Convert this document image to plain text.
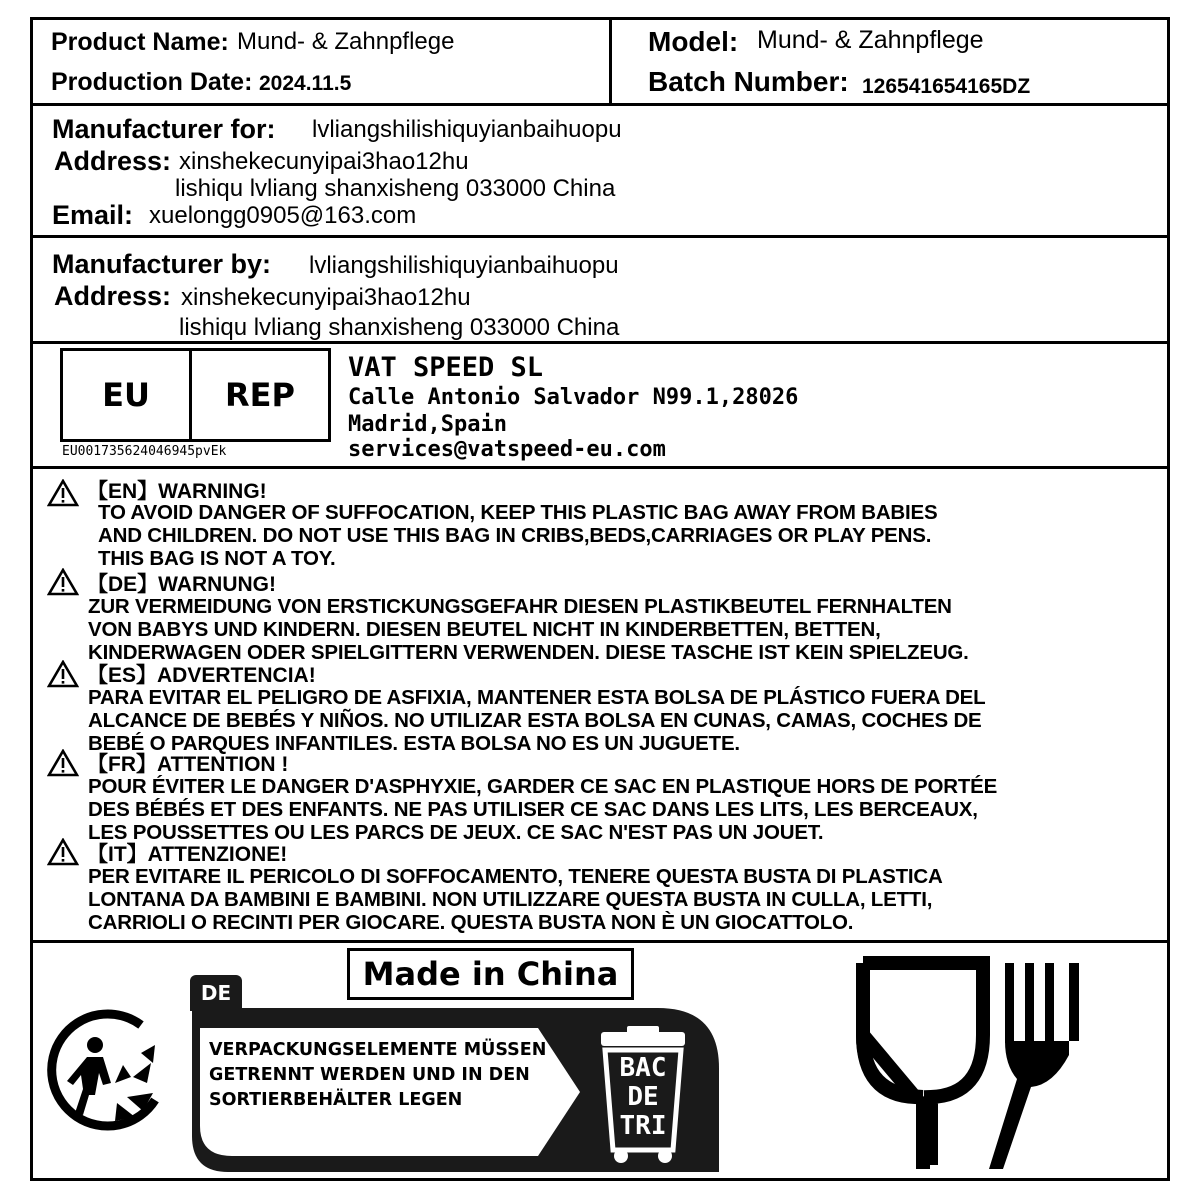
Product Name: Mund- & Zahnpflege
Production Date: 2024.11.5
Model: Mund- & Zahnpflege
Batch Number: 126541654165DZ
Manufacturer for: lvliangshilishiquyianbaihuopu
Address: xinshekecunyipai3hao12hu
lishiqu lvliang shanxisheng 033000 China
Email: xuelongg0905@163.com
Manufacturer by: lvliangshilishiquyianbaihuopu
Address: xinshekecunyipai3hao12hu
lishiqu lvliang shanxisheng 033000 China
EU REP
EU001735624046945pvEk
VAT SPEED SL
Calle Antonio Salvador N99.1,28026
Madrid,Spain
services@vatspeed-eu.com
【EN】WARNING!
TO AVOID DANGER OF SUFFOCATION, KEEP THIS PLASTIC BAG AWAY FROM BABIES
AND CHILDREN. DO NOT USE THIS BAG IN CRIBS,BEDS,CARRIAGES OR PLAY PENS.
THIS BAG IS NOT A TOY.
【DE】WARNUNG!
ZUR VERMEIDUNG VON ERSTICKUNGSGEFAHR DIESEN PLASTIKBEUTEL FERNHALTEN
VON BABYS UND KINDERN. DIESEN BEUTEL NICHT IN KINDERBETTEN, BETTEN,
KINDERWAGEN ODER SPIELGITTERN VERWENDEN. DIESE TASCHE IST KEIN SPIELZEUG.
【ES】ADVERTENCIA!
PARA EVITAR EL PELIGRO DE ASFIXIA, MANTENER ESTA BOLSA DE PLÁSTICO FUERA DEL
ALCANCE DE BEBÉS Y NIÑOS. NO UTILIZAR ESTA BOLSA EN CUNAS, CAMAS, COCHES DE
BEBÉ O PARQUES INFANTILES. ESTA BOLSA NO ES UN JUGUETE.
【FR】ATTENTION !
POUR ÉVITER LE DANGER D'ASPHYXIE, GARDER CE SAC EN PLASTIQUE HORS DE PORTÉE
DES BÉBÉS ET DES ENFANTS. NE PAS UTILISER CE SAC DANS LES LITS, LES BERCEAUX,
LES POUSSETTES OU LES PARCS DE JEUX. CE SAC N'EST PAS UN JOUET.
【IT】ATTENZIONE!
PER EVITARE IL PERICOLO DI SOFFOCAMENTO, TENERE QUESTA BUSTA DI PLASTICA
LONTANA DA BAMBINI E BAMBINI. NON UTILIZZARE QUESTA BUSTA IN CULLA, LETTI,
CARRIOLI O RECINTI PER GIOCARE. QUESTA BUSTA NON È UN GIOCATTOLO.
Made in China
DE
VERPACKUNGSELEMENTE MÜSSEN
GETRENNT WERDEN UND IN DEN
SORTIERBEHÄLTER LEGEN
BAC
DE
TRI
